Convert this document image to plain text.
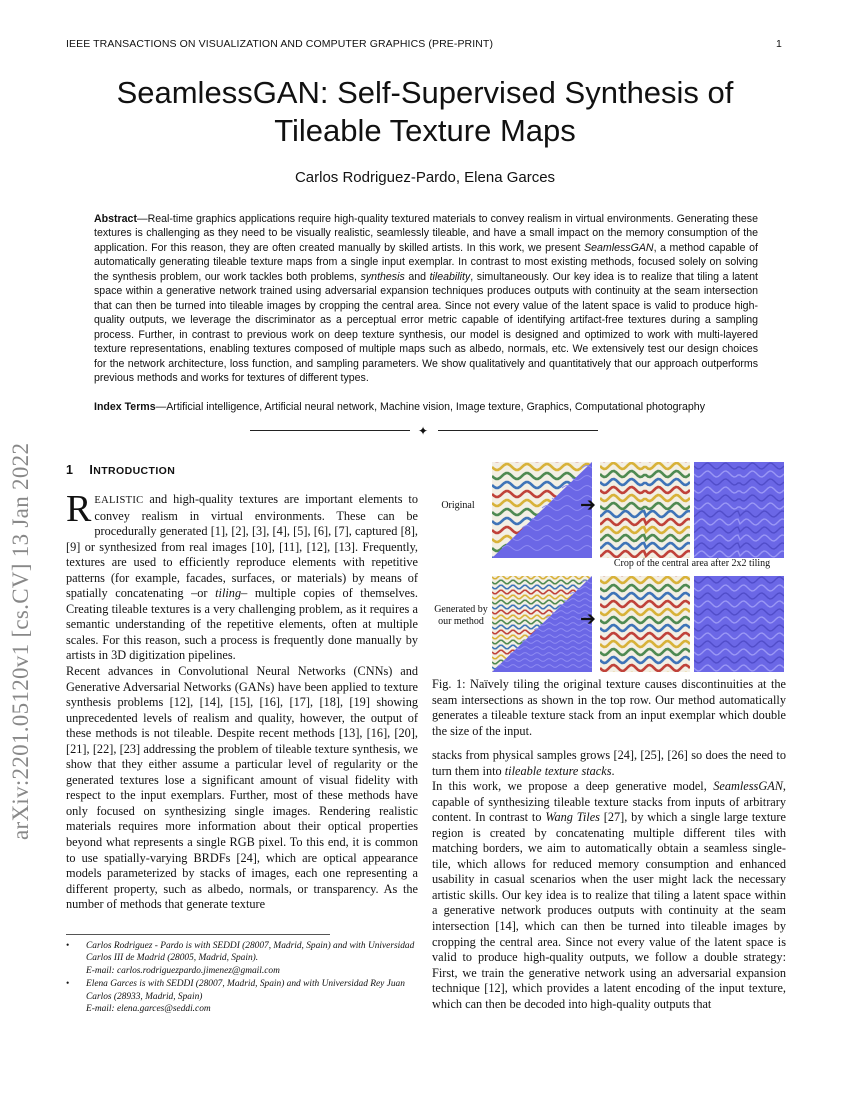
IEEE TRANSACTIONS ON VISUALIZATION AND COMPUTER GRAPHICS (PRE-PRINT)	1
SeamlessGAN: Self-Supervised Synthesis of Tileable Texture Maps
Carlos Rodriguez-Pardo, Elena Garces
Abstract—Real-time graphics applications require high-quality textured materials to convey realism in virtual environments. Generating these textures is challenging as they need to be visually realistic, seamlessly tileable, and have a small impact on the memory consumption of the application. For this reason, they are often created manually by skilled artists. In this work, we present SeamlessGAN, a method capable of automatically generating tileable texture maps from a single input exemplar. In contrast to most existing methods, focused solely on solving the synthesis problem, our work tackles both problems, synthesis and tileability, simultaneously. Our key idea is to realize that tiling a latent space within a generative network trained using adversarial expansion techniques produces outputs with continuity at the seam intersection that can then be turned into tileable images by cropping the central area. Since not every value of the latent space is valid to produce high-quality outputs, we leverage the discriminator as a perceptual error metric capable of identifying artifact-free textures during a sampling process. Further, in contrast to previous work on deep texture synthesis, our model is designed and optimized to work with multi-layered texture representations, enabling textures composed of multiple maps such as albedo, normals, etc. We extensively test our design choices for the network architecture, loss function, and sampling parameters. We show qualitatively and quantitatively that our approach outperforms previous methods and works for textures of different types.
Index Terms—Artificial intelligence, Artificial neural network, Machine vision, Image texture, Graphics, Computational photography
✦
arXiv:2201.05120v1 [cs.CV] 13 Jan 2022	1 INTRODUCTION

REALISTIC and high-quality textures are important elements to convey realism in virtual environments. These can be procedurally generated [1], [2], [3], [4], [5], [6], [7], captured [8], [9] or synthesized from real images [10], [11], [12], [13]. Frequently, textures are used to efficiently reproduce elements with repetitive patterns (for example, facades, surfaces, or materials) by means of spatially concatenating –or tiling– multiple copies of themselves. Creating tileable textures is a very challenging problem, as it requires a semantic understanding of the repetitive elements, often at multiple scales. For this reason, such a process is frequently done manually by artists in 3D digitization pipelines.

Recent advances in Convolutional Neural Networks (CNNs) and Generative Adversarial Networks (GANs) have been applied to texture synthesis problems [12], [14], [15], [16], [17], [18], [19] showing unprecedented levels of realism and quality, however, the output of these methods is not tileable. Despite recent methods [13], [16], [20], [21], [22], [23] addressing the problem of tileable texture synthesis, we show that they either assume a particular level of regularity or the generated textures lose a significant amount of visual fidelity with respect to the input exemplars. Further, most of these methods have only focused on synthesizing single images. Rendering realistic materials requires more information about their optical properties beyond what represents a single RGB pixel. To this end, it is common to use spatially-varying BRDFs [24], which are optical appearance models parameterized by stacks of images, each one representing a different property, such as albedo, normals, or transparency. As the number of methods that generate texture

• Carlos Rodriguez - Pardo is with SEDDI (28007, Madrid, Spain) and with Universidad Carlos III de Madrid (28005, Madrid, Spain).
E-mail: carlos.rodriguezpardo.jimenez@gmail.com
• Elena Garces is with SEDDI (28007, Madrid, Spain) and with Universidad Rey Juan Carlos (28933, Madrid, Spain)
E-mail: elena.garces@seddi.com
Original
Generated by
our method
➔
➔
Crop of the central area after 2x2 tiling
Fig. 1: Naïvely tiling the original texture causes discontinuities at the seam intersections as shown in the top row. Our method automatically generates a tileable texture stack from an input exemplar which double the size of the input.

stacks from physical samples grows [24], [25], [26] so does the need to turn them into tileable texture stacks.

In this work, we propose a deep generative model, SeamlessGAN, capable of synthesizing tileable texture stacks from inputs of arbitrary content. In contrast to Wang Tiles [27], by which a single large texture region is created by concatenating multiple different tiles with matching borders, we aim to automatically obtain a seamless single-tile, which allows for reduced memory consumption and enhanced usability in casual scenarios when the user might lack the necessary artistic skills. Our key idea is to realize that tiling a latent space within a generative network produces outputs with continuity at the seam intersection [14], which can then be turned into tileable images by cropping the central area. Since not every value of the latent space is valid to produce high-quality outputs, we follow a double strategy: First, we train the generative network using an adversarial expansion technique [12], which provides a latent encoding of the input texture, which can then be decoded into high-quality outputs that
